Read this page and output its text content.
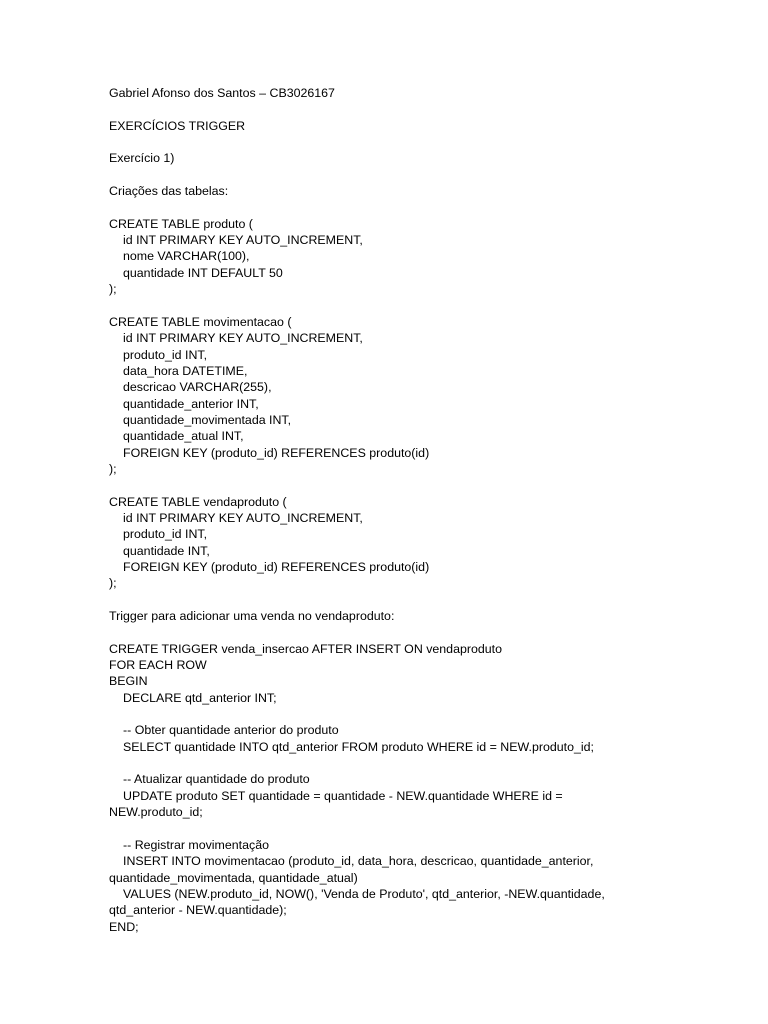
Gabriel Afonso dos Santos – CB3026167
EXERCÍCIOS TRIGGER
Exercício 1)
Criações das tabelas:
CREATE TABLE produto (
id INT PRIMARY KEY AUTO_INCREMENT,
nome VARCHAR(100),
quantidade INT DEFAULT 50
);
CREATE TABLE movimentacao (
id INT PRIMARY KEY AUTO_INCREMENT,
produto_id INT,
data_hora DATETIME,
descricao VARCHAR(255),
quantidade_anterior INT,
quantidade_movimentada INT,
quantidade_atual INT,
FOREIGN KEY (produto_id) REFERENCES produto(id)
);
CREATE TABLE vendaproduto (
id INT PRIMARY KEY AUTO_INCREMENT,
produto_id INT,
quantidade INT,
FOREIGN KEY (produto_id) REFERENCES produto(id)
);
Trigger para adicionar uma venda no vendaproduto:
CREATE TRIGGER venda_insercao AFTER INSERT ON vendaproduto
FOR EACH ROW
BEGIN
DECLARE qtd_anterior INT;
-- Obter quantidade anterior do produto
SELECT quantidade INTO qtd_anterior FROM produto WHERE id = NEW.produto_id;
-- Atualizar quantidade do produto
UPDATE produto SET quantidade = quantidade - NEW.quantidade WHERE id =
NEW.produto_id;
-- Registrar movimentação
INSERT INTO movimentacao (produto_id, data_hora, descricao, quantidade_anterior,
quantidade_movimentada, quantidade_atual)
VALUES (NEW.produto_id, NOW(), 'Venda de Produto', qtd_anterior, -NEW.quantidade,
qtd_anterior - NEW.quantidade);
END;
